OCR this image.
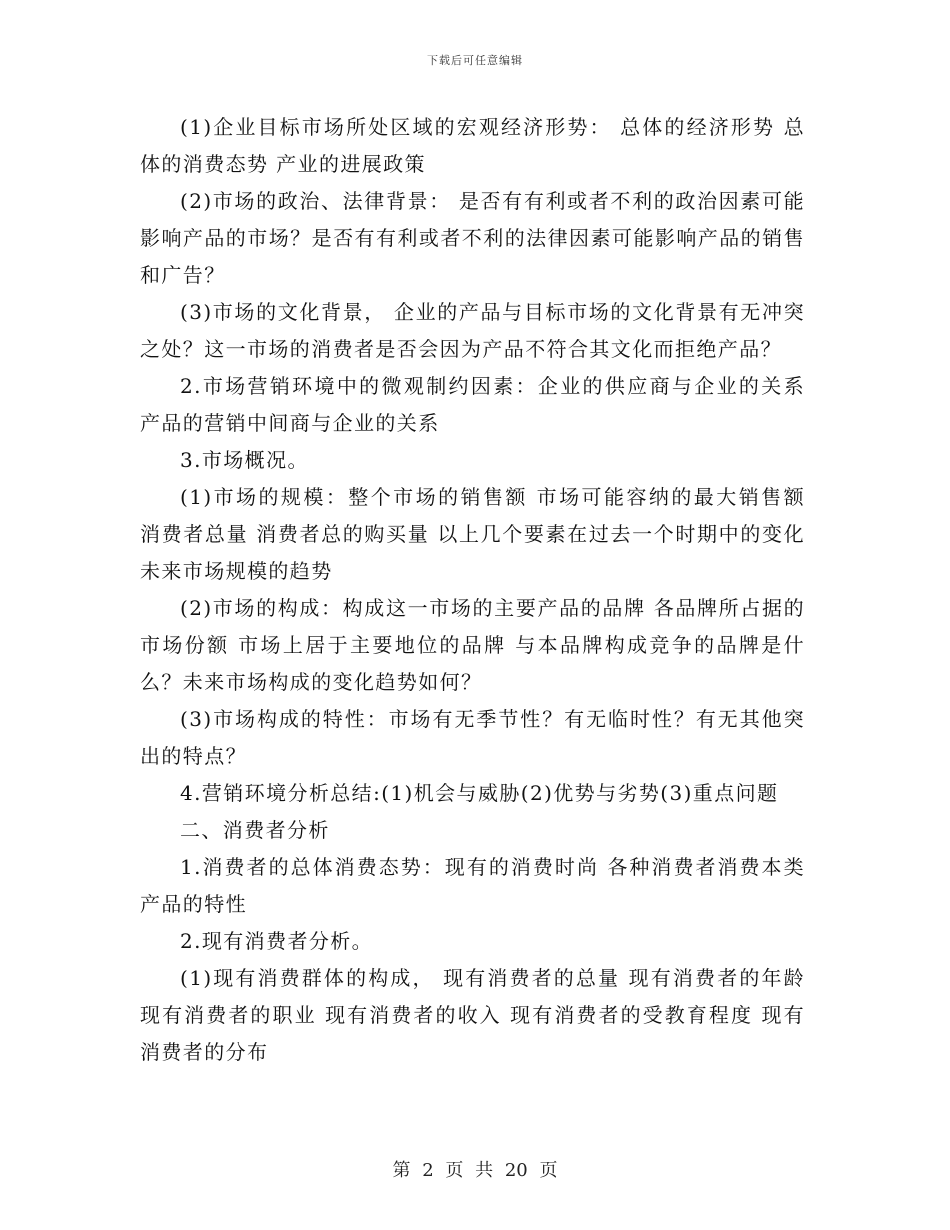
下载后可任意编辑

(1)企业目标市场所处区域的宏观经济形势： 总体的经济形势 总体的消费态势 产业的进展政策

(2)市场的政治、法律背景： 是否有有利或者不利的政治因素可能影响产品的市场？是否有有利或者不利的法律因素可能影响产品的销售和广告？

(3)市场的文化背景， 企业的产品与目标市场的文化背景有无冲突之处？这一市场的消费者是否会因为产品不符合其文化而拒绝产品？

2.市场营销环境中的微观制约因素：企业的供应商与企业的关系 产品的营销中间商与企业的关系

3.市场概况。

(1)市场的规模：整个市场的销售额 市场可能容纳的最大销售额 消费者总量 消费者总的购买量 以上几个要素在过去一个时期中的变化 未来市场规模的趋势

(2)市场的构成：构成这一市场的主要产品的品牌 各品牌所占据的市场份额 市场上居于主要地位的品牌 与本品牌构成竞争的品牌是什么？未来市场构成的变化趋势如何？

(3)市场构成的特性：市场有无季节性？有无临时性？有无其他突出的特点？

4.营销环境分析总结:(1)机会与威胁(2)优势与劣势(3)重点问题

二、消费者分析

1.消费者的总体消费态势：现有的消费时尚 各种消费者消费本类产品的特性

2.现有消费者分析。

(1)现有消费群体的构成， 现有消费者的总量 现有消费者的年龄 现有消费者的职业 现有消费者的收入 现有消费者的受教育程度 现有消费者的分布

第 2 页 共 20 页
